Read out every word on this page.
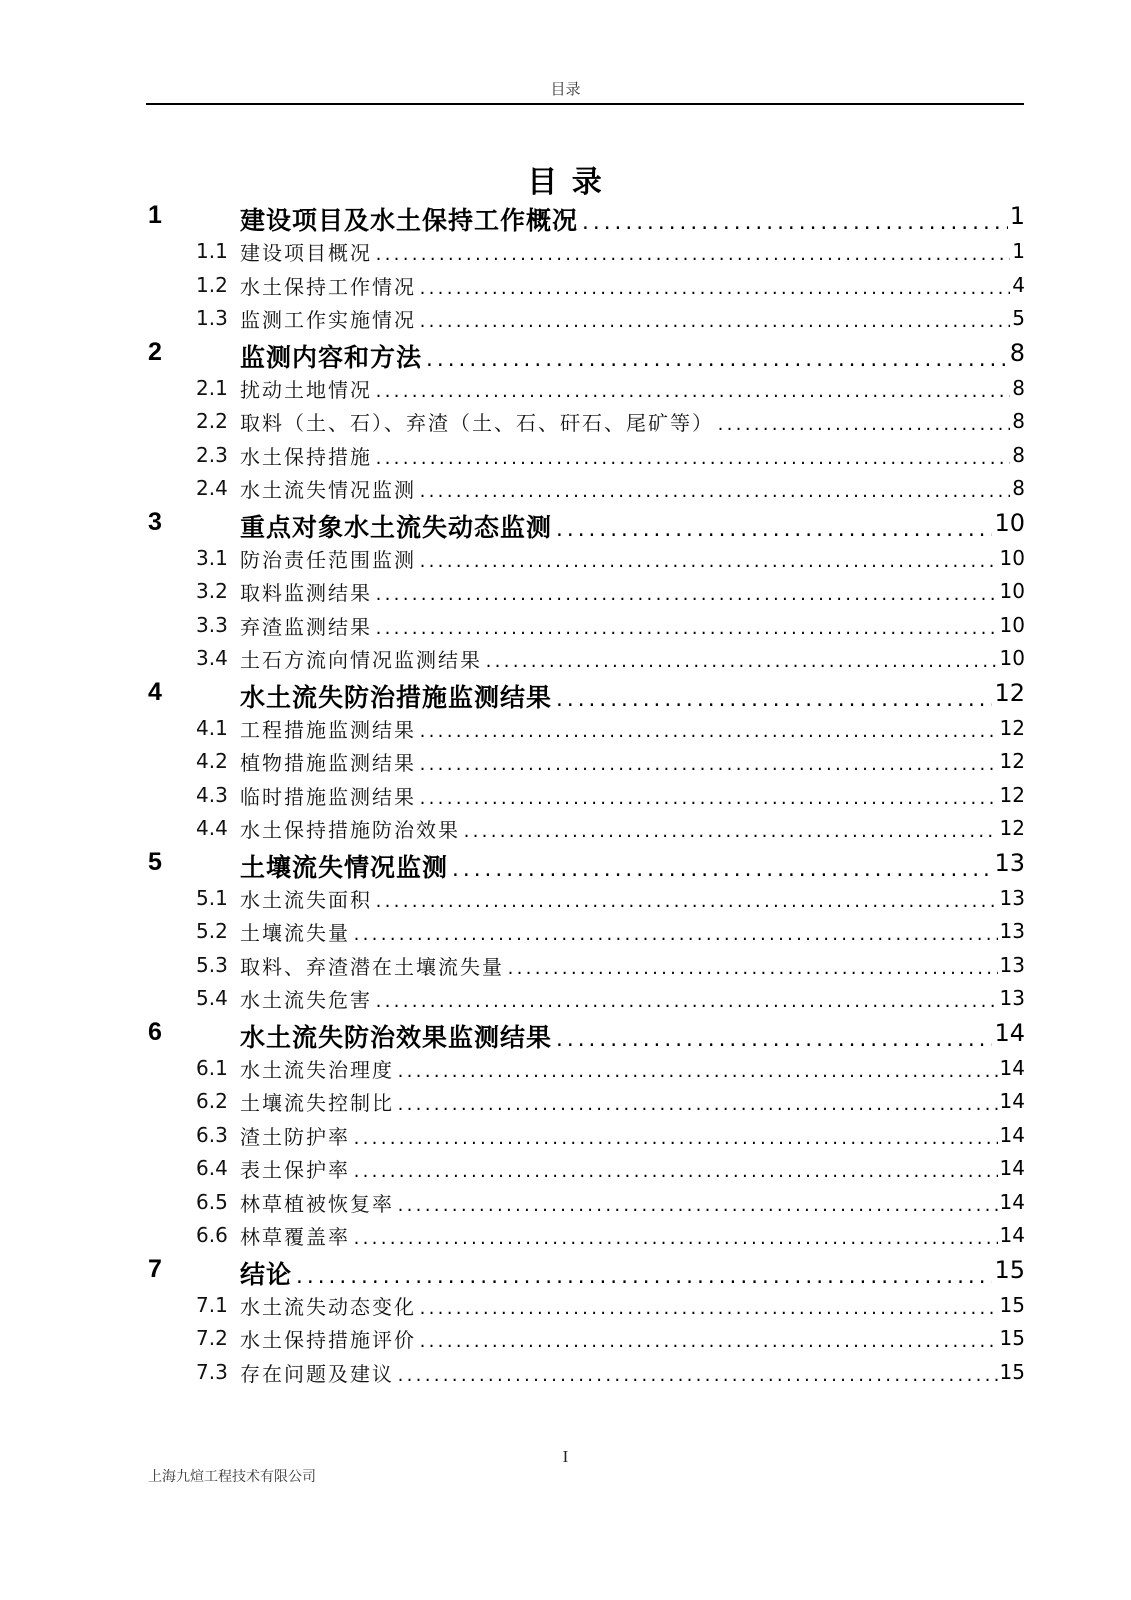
目录
目 录
1	建设项目及水土保持工作概况 .....	1
1.1 建设项目概况 .....	1
1.2 水土保持工作情况 .....	4
1.3 监测工作实施情况 .....	5
2	监测内容和方法 .....	8
2.1 扰动土地情况 .....	8
2.2 取料（土、石）、弃渣（土、石、矸石、尾矿等） .....	8
2.3 水土保持措施 .....	8
2.4 水土流失情况监测 .....	8
3	重点对象水土流失动态监测 .....	10
3.1 防治责任范围监测 .....	10
3.2 取料监测结果 .....	10
3.3 弃渣监测结果 .....	10
3.4 土石方流向情况监测结果 .....	10
4	水土流失防治措施监测结果 .....	12
4.1 工程措施监测结果 .....	12
4.2 植物措施监测结果 .....	12
4.3 临时措施监测结果 .....	12
4.4 水土保持措施防治效果 .....	12
5	土壤流失情况监测 .....	13
5.1 水土流失面积 .....	13
5.2 土壤流失量 .....	13
5.3 取料、弃渣潜在土壤流失量 .....	13
5.4 水土流失危害 .....	13
6	水土流失防治效果监测结果 .....	14
6.1 水土流失治理度 .....	14
6.2 土壤流失控制比 .....	14
6.3 渣土防护率 .....	14
6.4 表土保护率 .....	14
6.5 林草植被恢复率 .....	14
6.6 林草覆盖率 .....	14
7	结论 .....	15
7.1 水土流失动态变化 .....	15
7.2 水土保持措施评价 .....	15
7.3 存在问题及建议 .....	15
I
上海九煊工程技术有限公司
